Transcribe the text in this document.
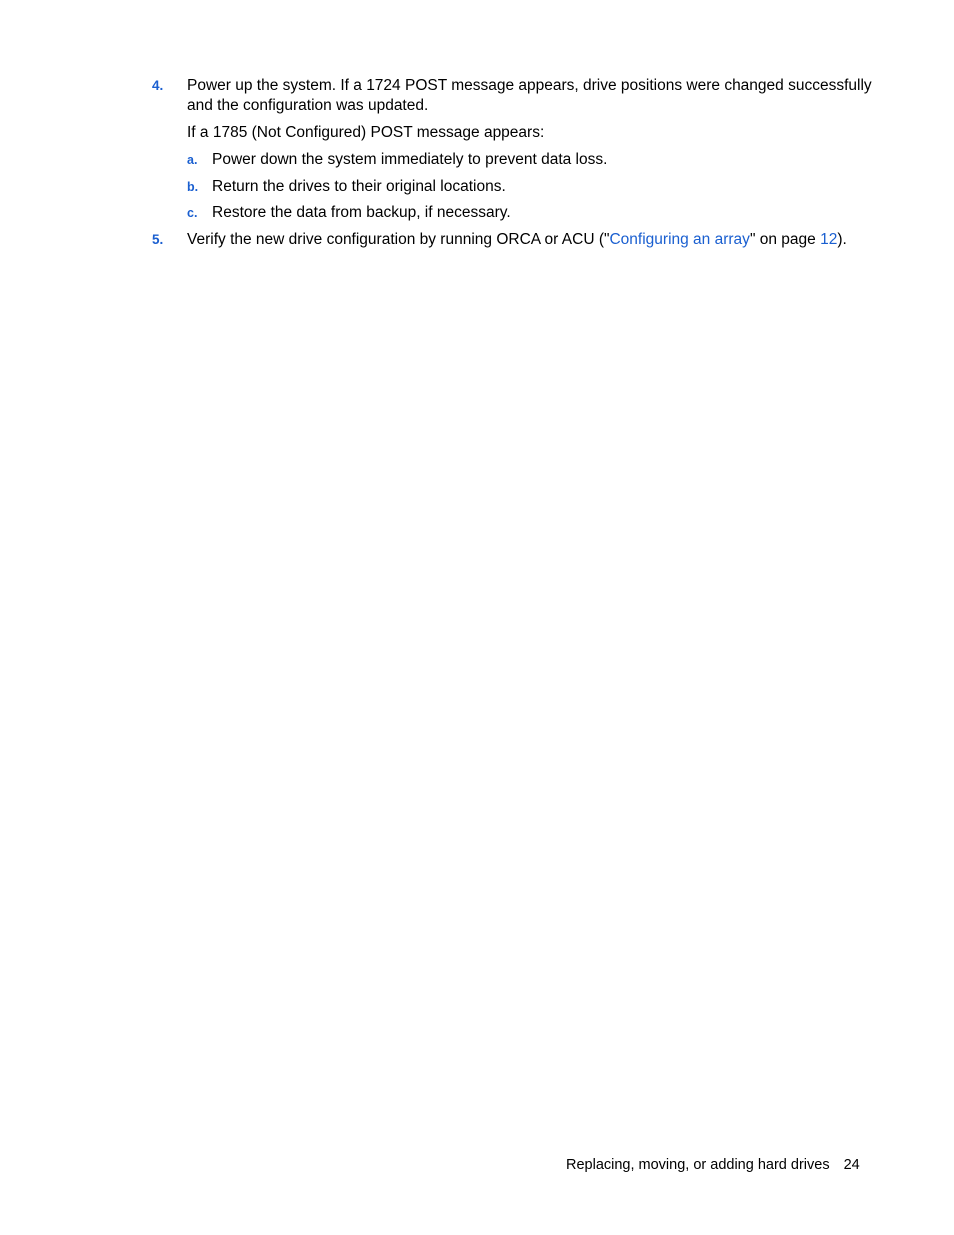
4. Power up the system. If a 1724 POST message appears, drive positions were changed successfully
and the configuration was updated.
If a 1785 (Not Configured) POST message appears:
a. Power down the system immediately to prevent data loss.
b. Return the drives to their original locations.
c. Restore the data from backup, if necessary.
5. Verify the new drive configuration by running ORCA or ACU ("Configuring an array" on page 12).
Replacing, moving, or adding hard drives 24
